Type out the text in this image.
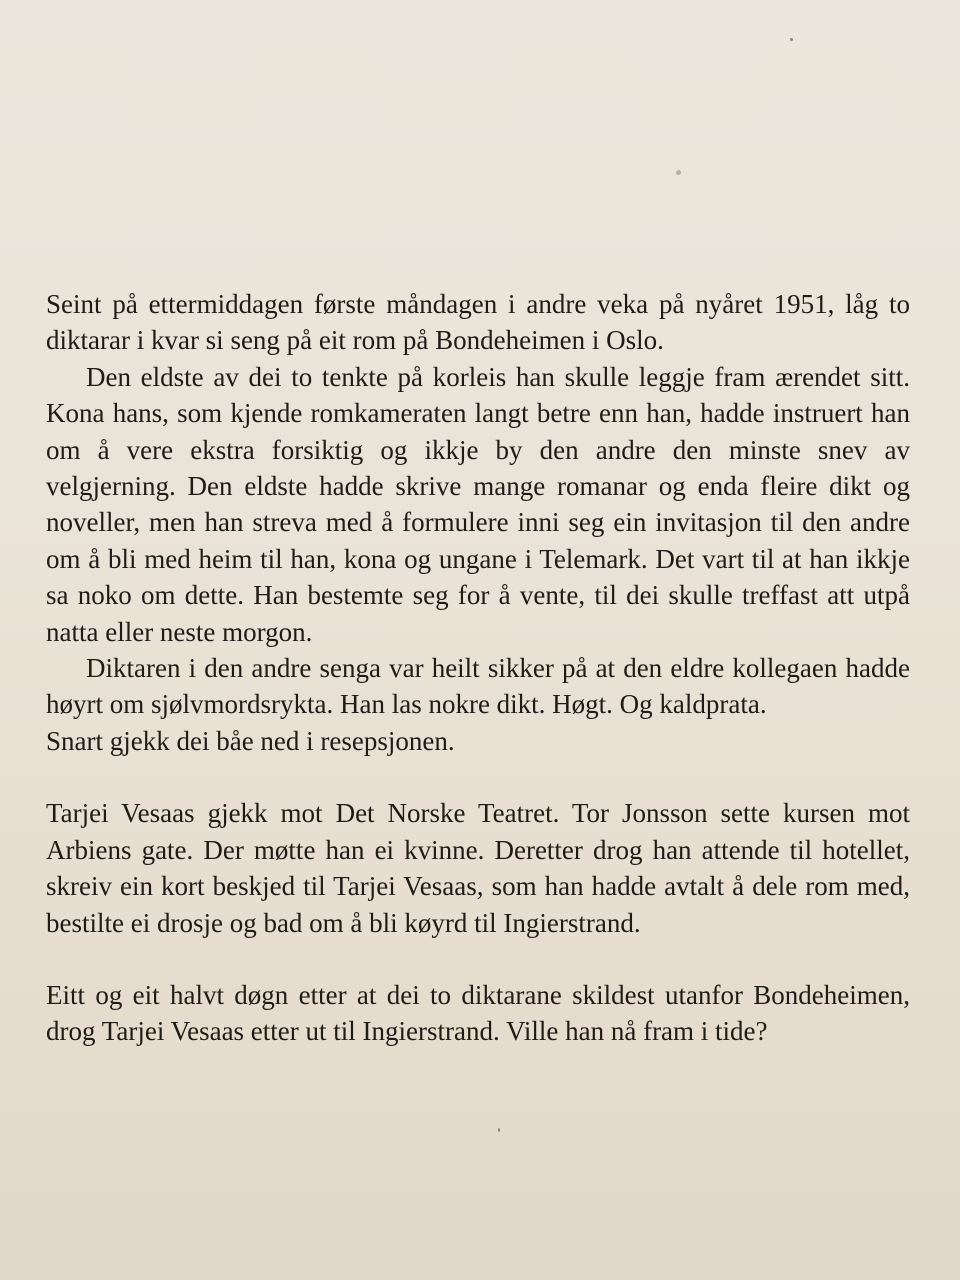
Seint på ettermiddagen første måndagen i andre veka på nyåret 1951, låg to diktarar i kvar si seng på eit rom på Bondeheimen i Oslo.

Den eldste av dei to tenkte på korleis han skulle leggje fram ærendet sitt. Kona hans, som kjende romkameraten langt betre enn han, hadde instruert han om å vere ekstra forsiktig og ikkje by den andre den minste snev av velgjerning. Den eldste hadde skrive mange romanar og enda fleire dikt og noveller, men han streva med å formulere inni seg ein invitasjon til den andre om å bli med heim til han, kona og ungane i Telemark. Det vart til at han ikkje sa noko om dette. Han bestemte seg for å vente, til dei skulle treffast att utpå natta eller neste morgon.

Diktaren i den andre senga var heilt sikker på at den eldre kollegaen hadde høyrt om sjølvmordsrykta. Han las nokre dikt. Høgt. Og kaldprata.

Snart gjekk dei båe ned i resepsjonen.

Tarjei Vesaas gjekk mot Det Norske Teatret. Tor Jonsson sette kursen mot Arbiens gate. Der møtte han ei kvinne. Deretter drog han attende til hotellet, skreiv ein kort beskjed til Tarjei Vesaas, som han hadde avtalt å dele rom med, bestilte ei drosje og bad om å bli køyrd til Ingierstrand.

Eitt og eit halvt døgn etter at dei to diktarane skildest utanfor Bondeheimen, drog Tarjei Vesaas etter ut til Ingierstrand. Ville han nå fram i tide?
